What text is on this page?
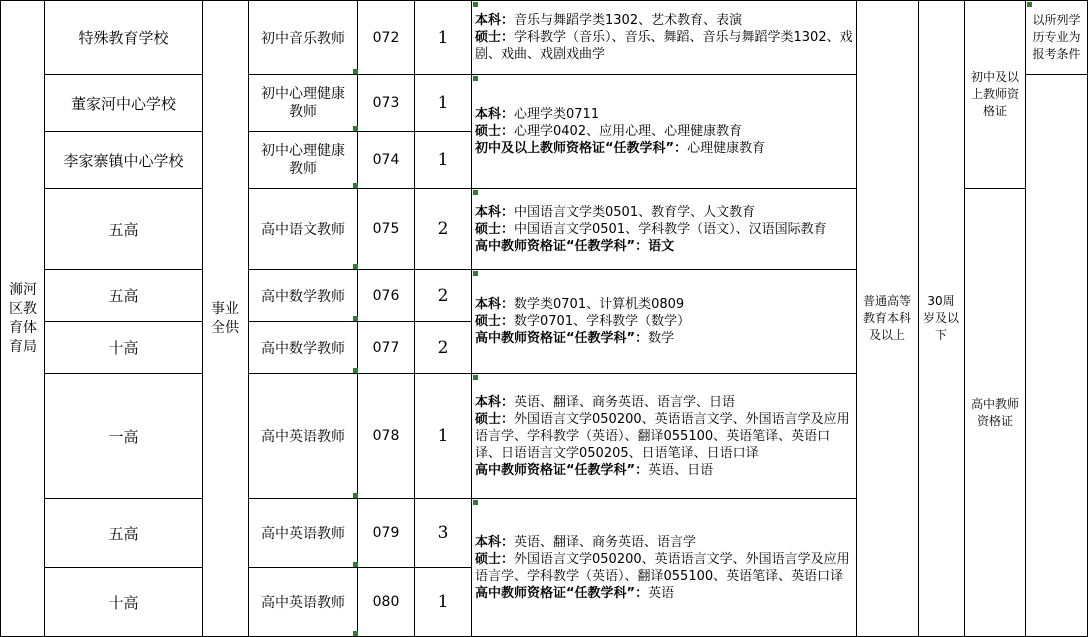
浉河区教育体育局
事业全供
普通高等教育本科及以上
30周岁及以下
初中及以上教师资格证
高中教师资格证
以所列学历专业为报考条件
特殊教育学校
董家河中心学校
李家寨镇中心学校
五高
五高
十高
一高
五高
十高
初中音乐教师
初中心理健康教师
初中心理健康教师
高中语文教师
高中数学教师
高中数学教师
高中英语教师
高中英语教师
高中英语教师
072
073
074
075
076
077
078
079
080
1
1
1
2
2
2
1
3
1
本科：音乐与舞蹈学类1302、艺术教育、表演
硕士：学科教学（音乐）、音乐、舞蹈、音乐与舞蹈学类1302、戏剧、戏曲、戏剧戏曲学
本科：心理学类0711
硕士：心理学0402、应用心理、心理健康教育
初中及以上教师资格证“任教学科”：心理健康教育
本科：中国语言文学类0501、教育学、人文教育
硕士：中国语言文学0501、学科教学（语文）、汉语国际教育
高中教师资格证“任教学科”：语文
本科：数学类0701、计算机类0809
硕士：数学0701、学科教学（数学）
高中教师资格证“任教学科”：数学
本科：英语、翻译、商务英语、语言学、日语
硕士：外国语言文学050200、英语语言文学、外国语言学及应用语言学、学科教学（英语）、翻译055100、英语笔译、英语口译、日语语言文学050205、日语笔译、日语口译
高中教师资格证“任教学科”：英语、日语
本科：英语、翻译、商务英语、语言学
硕士：外国语言文学050200、英语语言文学、外国语言学及应用语言学、学科教学（英语）、翻译055100、英语笔译、英语口译
高中教师资格证“任教学科”：英语
